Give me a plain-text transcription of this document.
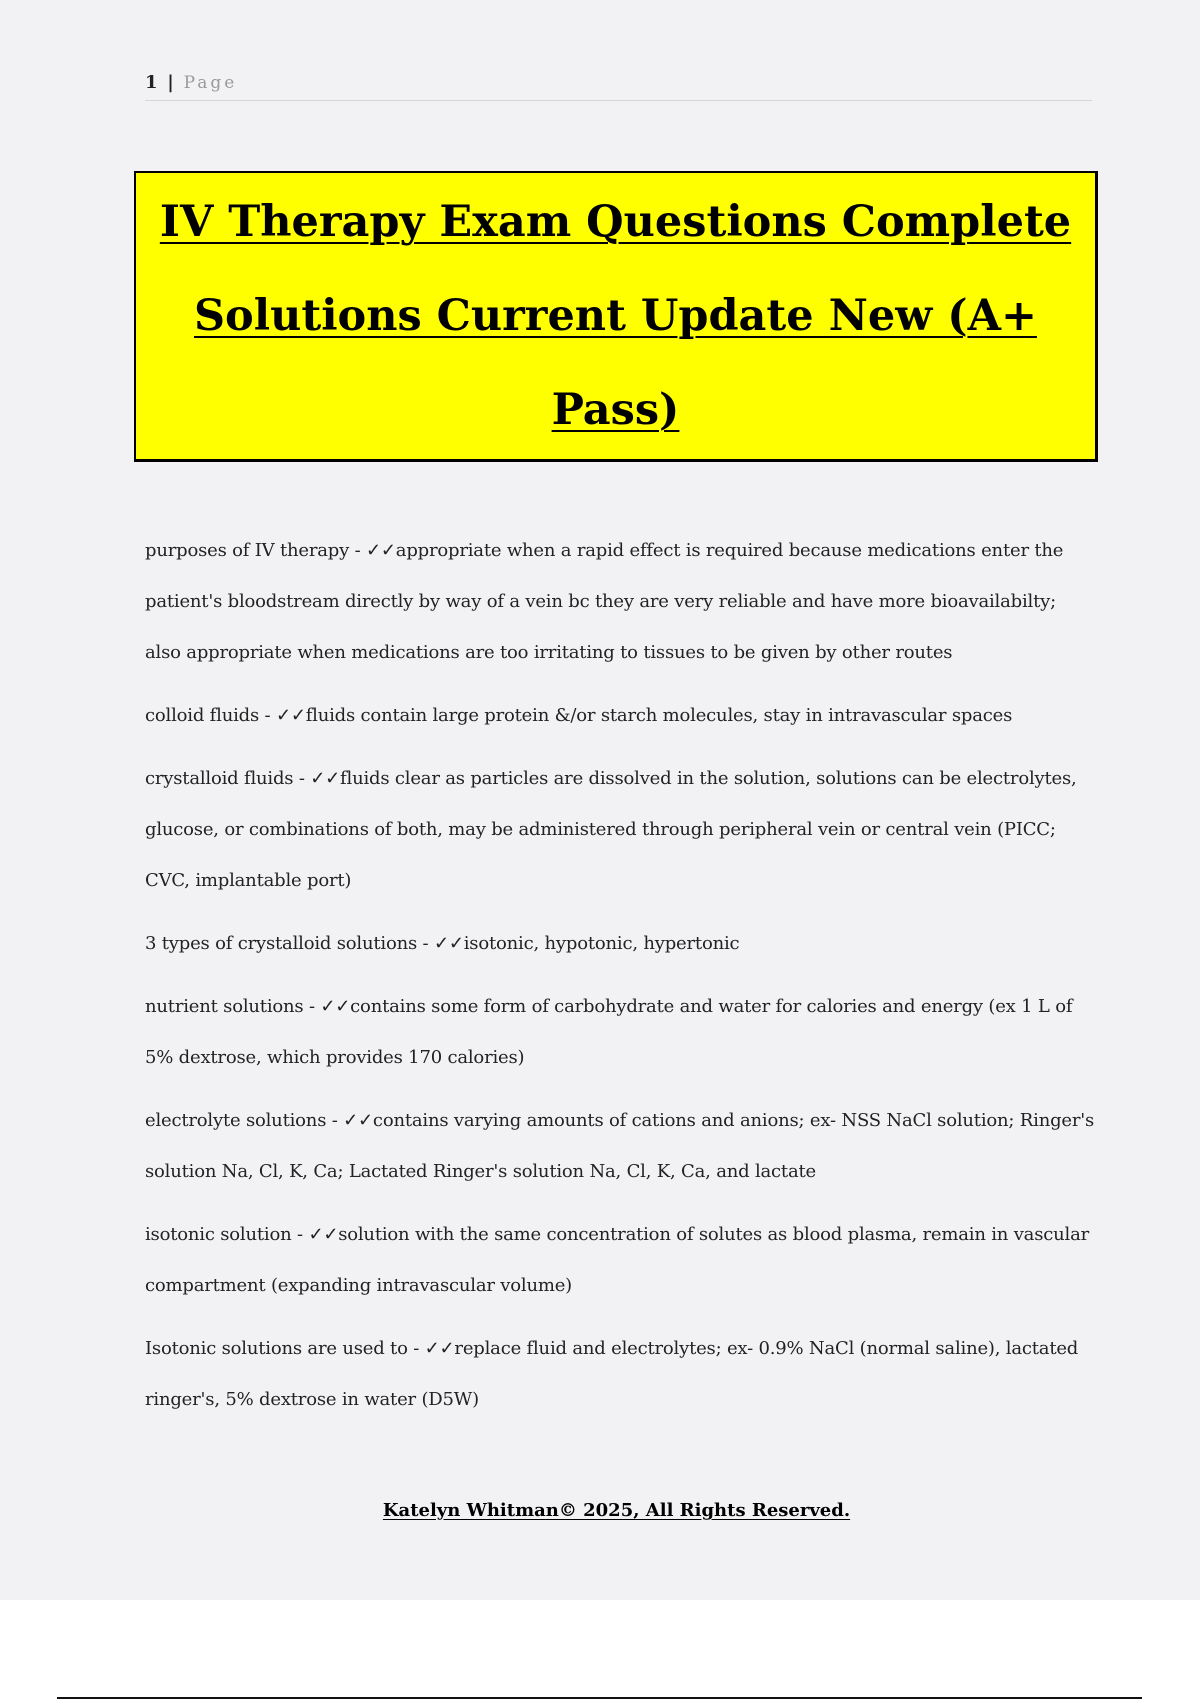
1 | Page
IV Therapy Exam Questions Complete Solutions Current Update New (A+ Pass)

purposes of IV therapy - ✓✓appropriate when a rapid effect is required because medications enter the patient's bloodstream directly by way of a vein bc they are very reliable and have more bioavailabilty; also appropriate when medications are too irritating to tissues to be given by other routes

colloid fluids - ✓✓fluids contain large protein &/or starch molecules, stay in intravascular spaces

crystalloid fluids - ✓✓fluids clear as particles are dissolved in the solution, solutions can be electrolytes, glucose, or combinations of both, may be administered through peripheral vein or central vein (PICC; CVC, implantable port)

3 types of crystalloid solutions - ✓✓isotonic, hypotonic, hypertonic

nutrient solutions - ✓✓contains some form of carbohydrate and water for calories and energy (ex 1 L of 5% dextrose, which provides 170 calories)

electrolyte solutions - ✓✓contains varying amounts of cations and anions; ex- NSS NaCl solution; Ringer's solution Na, Cl, K, Ca; Lactated Ringer's solution Na, Cl, K, Ca, and lactate

isotonic solution - ✓✓solution with the same concentration of solutes as blood plasma, remain in vascular compartment (expanding intravascular volume)

Isotonic solutions are used to - ✓✓replace fluid and electrolytes; ex- 0.9% NaCl (normal saline), lactated ringer's, 5% dextrose in water (D5W)

Katelyn Whitman© 2025, All Rights Reserved.
